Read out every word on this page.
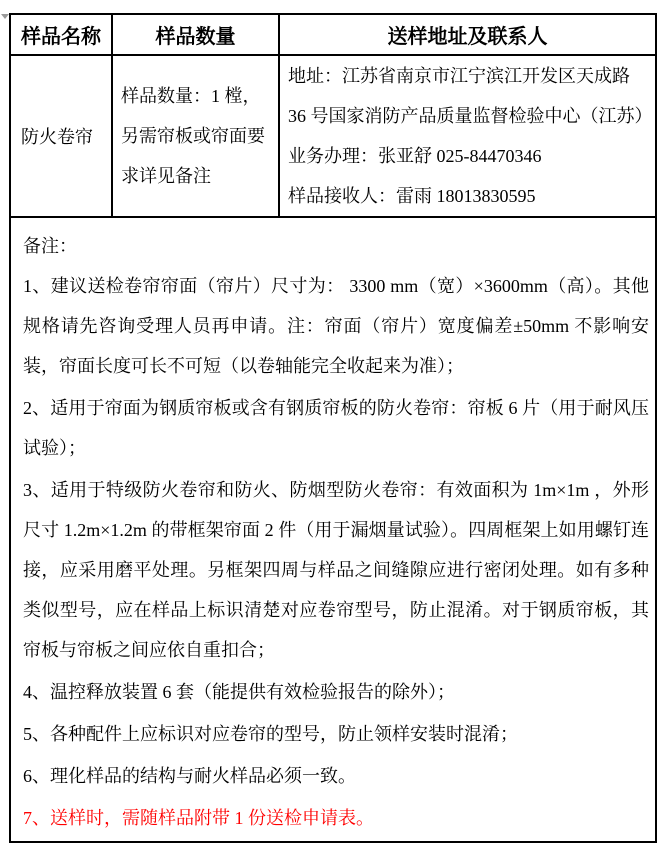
样品名称	样品数量	送样地址及联系人
防火卷帘	样品数量：1 樘，另需帘板或帘面要求详见备注	地址：江苏省南京市江宁滨江开发区天成路
36 号国家消防产品质量监督检验中心（江苏）
业务办理：张亚舒 025-84470346
样品接收人：雷雨 18013830595

备注：
1、建议送检卷帘帘面（帘片）尺寸为： 3300 mm（宽）×3600mm（高）。其他规格请先咨询受理人员再申请。注：帘面（帘片）宽度偏差±50mm 不影响安装，帘面长度可长不可短（以卷轴能完全收起来为准）；
2、适用于帘面为钢质帘板或含有钢质帘板的防火卷帘：帘板 6 片（用于耐风压试验）；
3、适用于特级防火卷帘和防火、防烟型防火卷帘：有效面积为 1m×1m ，外形尺寸 1.2m×1.2m 的带框架帘面 2 件（用于漏烟量试验）。四周框架上如用螺钉连接，应采用磨平处理。另框架四周与样品之间缝隙应进行密闭处理。如有多种类似型号，应在样品上标识清楚对应卷帘型号，防止混淆。对于钢质帘板，其帘板与帘板之间应依自重扣合；
4、温控释放装置 6 套（能提供有效检验报告的除外）；
5、各种配件上应标识对应卷帘的型号，防止领样安装时混淆；
6、理化样品的结构与耐火样品必须一致。
7、送样时，需随样品附带 1 份送检申请表。
